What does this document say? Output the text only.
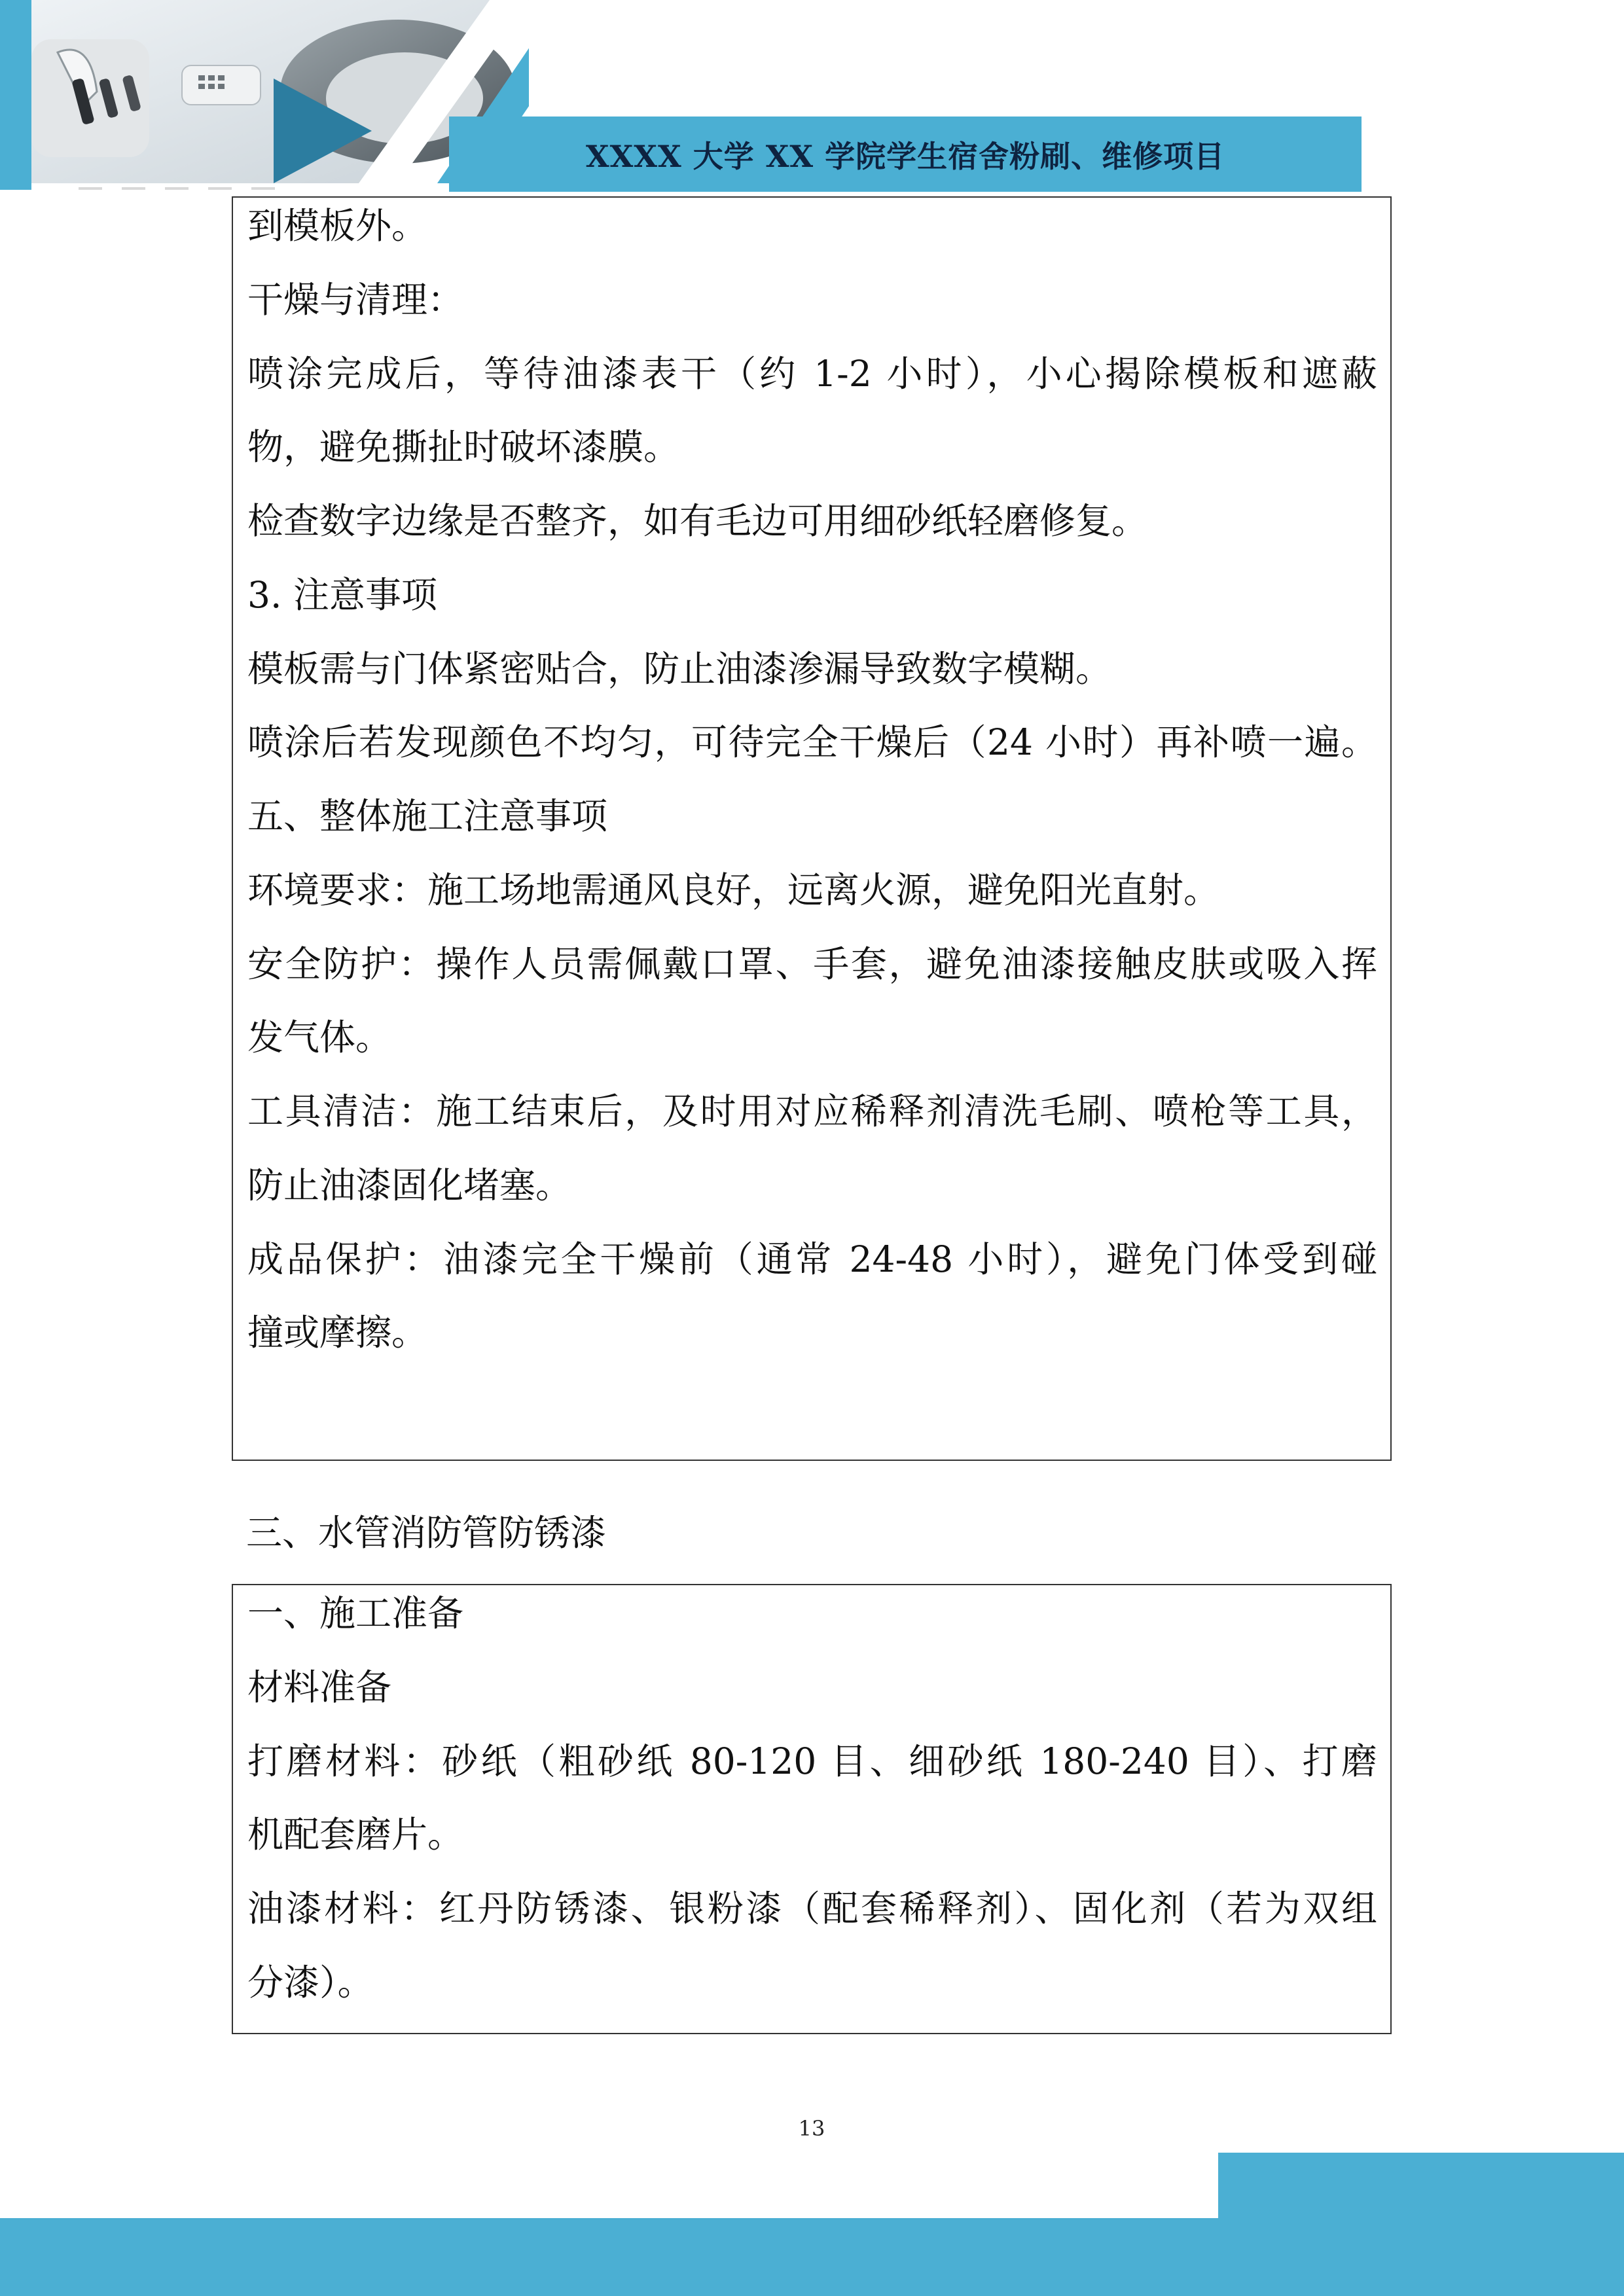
XXXX 大学 XX 学院学生宿舍粉刷、维修项目
到模板外。
干燥与清理：
喷涂完成后，等待油漆表干（约 1-2 小时），小心揭除模板和遮蔽
物，避免撕扯时破坏漆膜。
检查数字边缘是否整齐，如有毛边可用细砂纸轻磨修复。
3. 注意事项
模板需与门体紧密贴合，防止油漆渗漏导致数字模糊。
喷涂后若发现颜色不均匀，可待完全干燥后（24 小时）再补喷一遍。
五、整体施工注意事项
环境要求：施工场地需通风良好，远离火源，避免阳光直射。
安全防护：操作人员需佩戴口罩、手套，避免油漆接触皮肤或吸入挥
发气体。
工具清洁：施工结束后，及时用对应稀释剂清洗毛刷、喷枪等工具，
防止油漆固化堵塞。
成品保护：油漆完全干燥前（通常 24-48 小时），避免门体受到碰
撞或摩擦。
三、水管消防管防锈漆
一、施工准备
材料准备
打磨材料：砂纸（粗砂纸 80-120 目、细砂纸 180-240 目）、打磨
机配套磨片。
油漆材料：红丹防锈漆、银粉漆（配套稀释剂）、固化剂（若为双组
分漆）。
13
